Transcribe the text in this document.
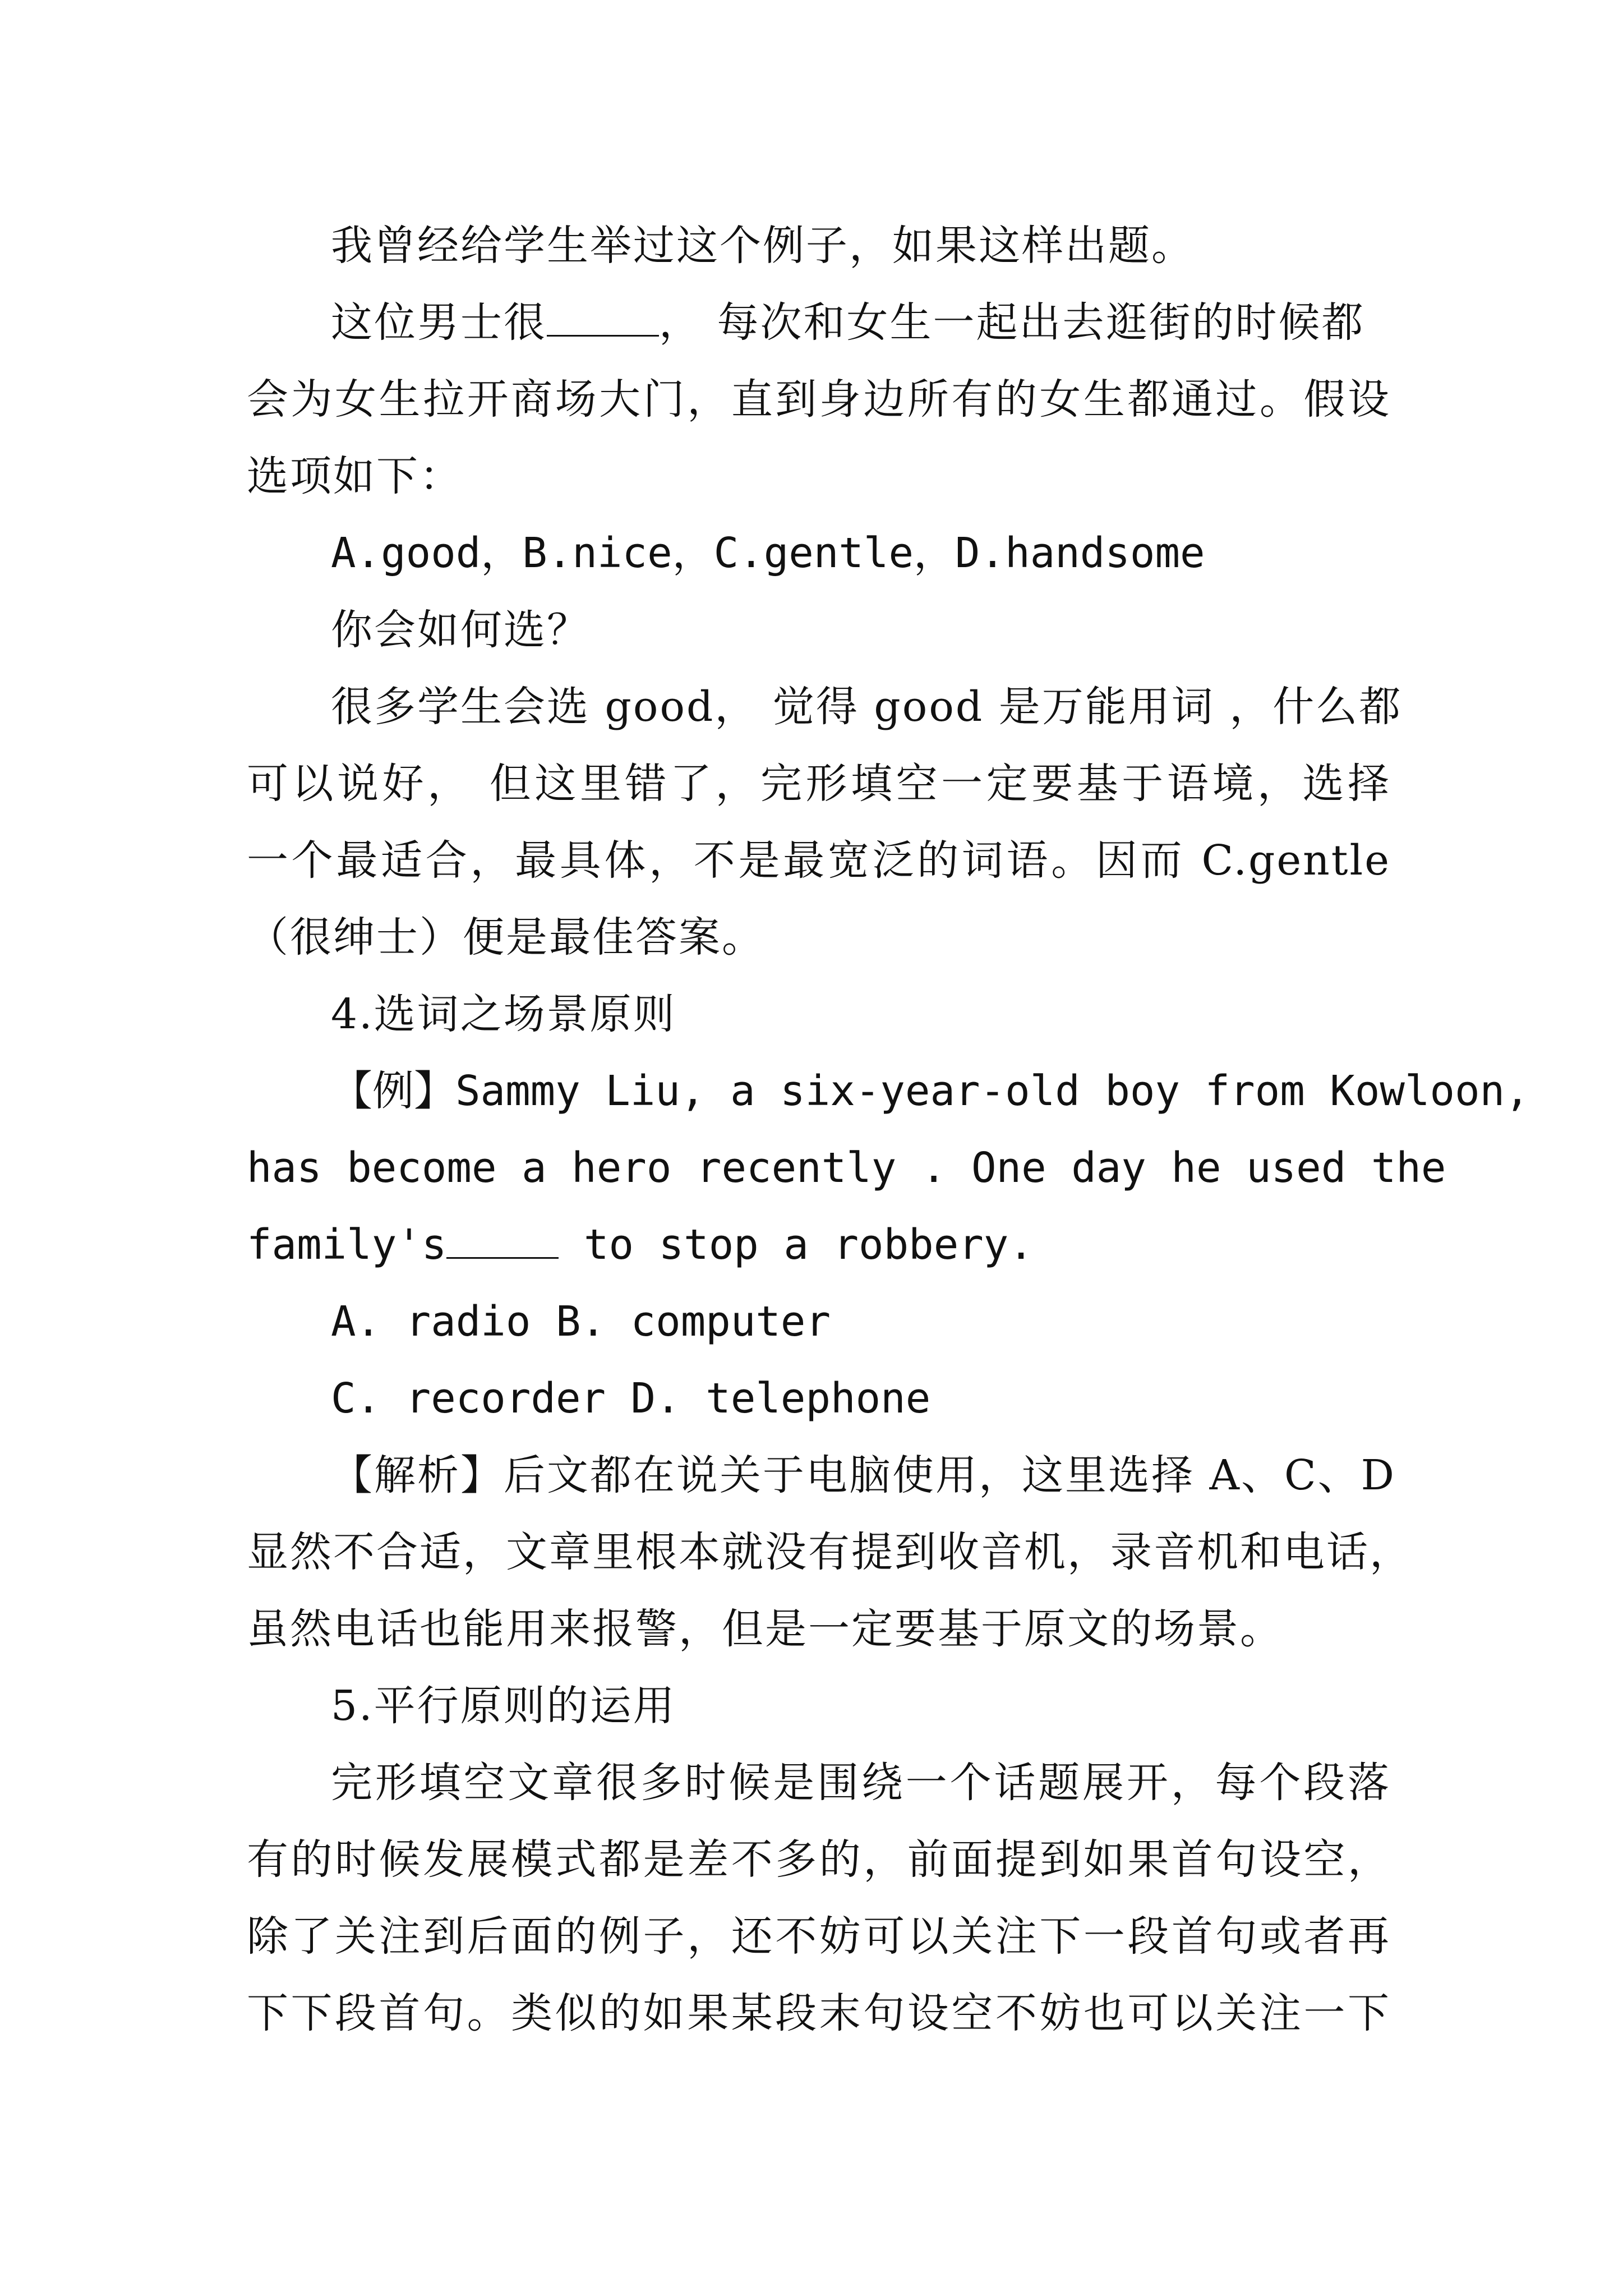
我曾经给学生举过这个例子，如果这样出题。
这位男士很	， 每次和女生一起出去逛街的时候都
会为女生拉开商场大门，直到身边所有的女生都通过。假设
选项如下：
A.good，B.nice，C.gentle，D.handsome
你会如何选？
很多学生会选 good， 觉得 good 是万能用词 ，什么都
可以说好， 但这里错了，完形填空一定要基于语境，选择
一个最适合，最具体，不是最宽泛的词语。因而 C.gentle
（很绅士）便是最佳答案。
4.选词之场景原则
【例】Sammy Liu, a six-year-old boy from Kowloon,
has become a hero recently . One day he used the
family's	to stop a robbery.
A. radio B. computer
C. recorder D. telephone
【解析】后文都在说关于电脑使用，这里选择 A、C、D
显然不合适，文章里根本就没有提到收音机，录音机和电话，
虽然电话也能用来报警，但是一定要基于原文的场景。
5.平行原则的运用
完形填空文章很多时候是围绕一个话题展开，每个段落
有的时候发展模式都是差不多的，前面提到如果首句设空，
除了关注到后面的例子，还不妨可以关注下一段首句或者再
下下段首句。类似的如果某段末句设空不妨也可以关注一下
